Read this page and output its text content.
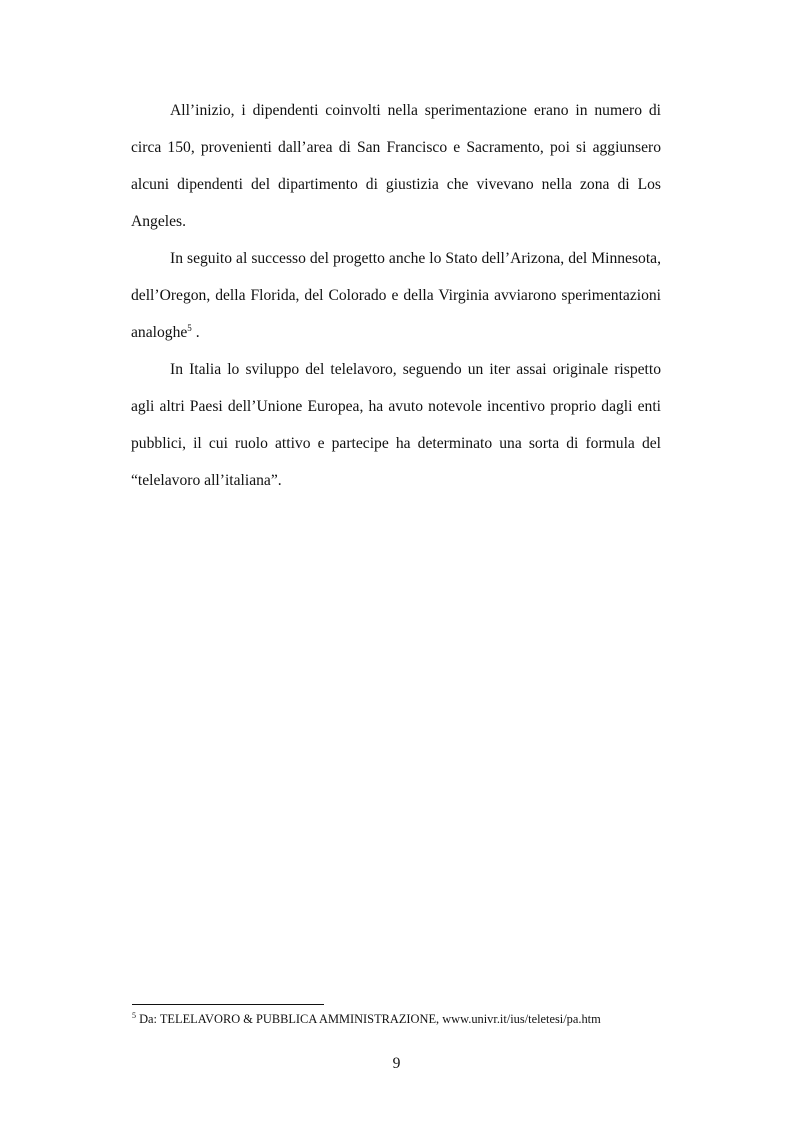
All’inizio, i dipendenti coinvolti nella sperimentazione erano in numero di circa 150, provenienti dall’area di San Francisco e Sacramento, poi si aggiunsero alcuni dipendenti del dipartimento di giustizia che vivevano nella zona di Los Angeles.

In seguito al successo del progetto anche lo Stato dell’Arizona, del Minnesota, dell’Oregon, della Florida, del Colorado e della Virginia avviarono sperimentazioni analoghe$^5$ .

In Italia lo sviluppo del telelavoro, seguendo un iter assai originale rispetto agli altri Paesi dell’Unione Europea, ha avuto notevole incentivo proprio dagli enti pubblici, il cui ruolo attivo e partecipe ha determinato una sorta di formula del “telelavoro all’italiana”.

$^5$ Da: TELELAVORO & PUBBLICA AMMINISTRAZIONE, www.univr.it/ius/teletesi/pa.htm
9
